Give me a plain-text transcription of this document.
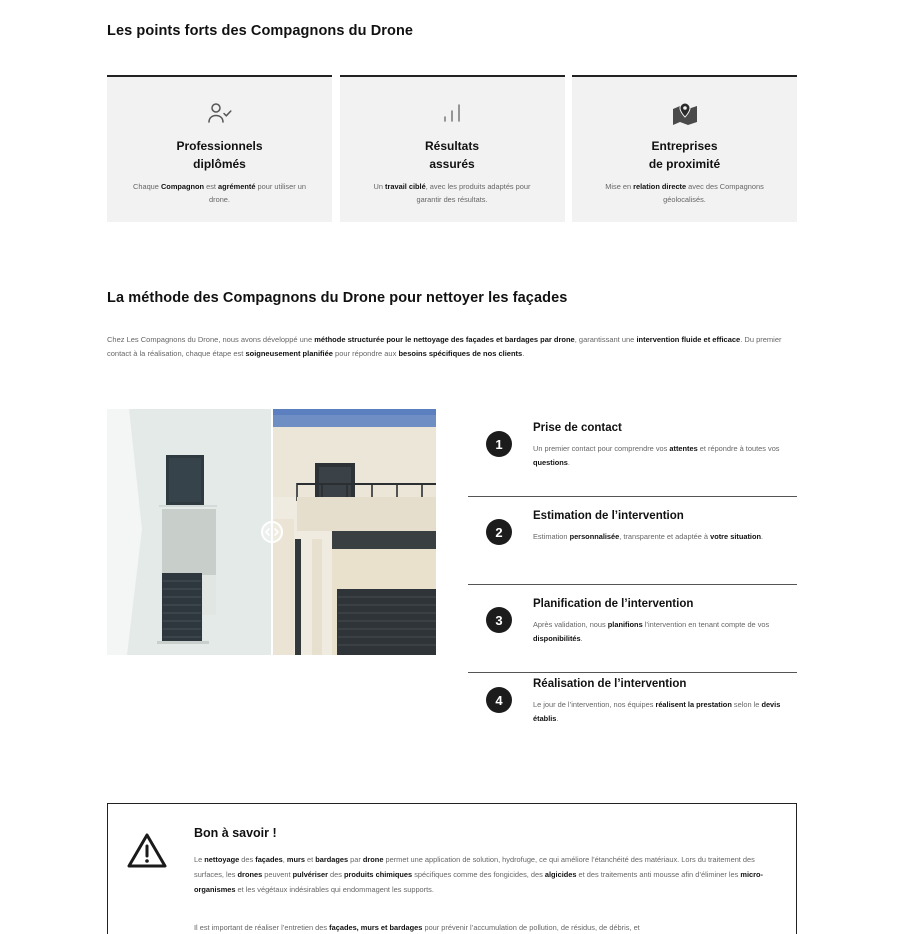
Les points forts des Compagnons du Drone
Professionnels
diplômés
Chaque Compagnon est agrémenté pour utiliser un drone.
Résultats
assurés
Un travail ciblé, avec les produits adaptés pour garantir des résultats.
Entreprises
de proximité
Mise en relation directe avec des Compagnons géolocalisés.
La méthode des Compagnons du Drone pour nettoyer les façades
Chez Les Compagnons du Drone, nous avons développé une méthode structurée pour le nettoyage des façades et bardages par drone, garantissant une intervention fluide et efficace. Du premier contact à la réalisation, chaque étape est soigneusement planifiée pour répondre aux besoins spécifiques de nos clients.
1
Prise de contact
Un premier contact pour comprendre vos attentes et répondre à toutes vos questions.
2
Estimation de l’intervention
Estimation personnalisée, transparente et adaptée à votre situation.
3
Planification de l’intervention
Après validation, nous planifions l’intervention en tenant compte de vos disponibilités.
4
Réalisation de l’intervention
Le jour de l’intervention, nos équipes réalisent la prestation selon le devis établis.
Bon à savoir !
Le nettoyage des façades, murs et bardages par drone permet une application de solution, hydrofuge, ce qui améliore l’étanchéité des matériaux. Lors du traitement des surfaces, les drones peuvent pulvériser des produits chimiques spécifiques comme des fongicides, des algicides et des traitements anti mousse afin d’éliminer les micro-organismes et les végétaux indésirables qui endommagent les supports.
Il est important de réaliser l’entretien des façades, murs et bardages pour prévenir l’accumulation de pollution, de résidus, de débris, et
